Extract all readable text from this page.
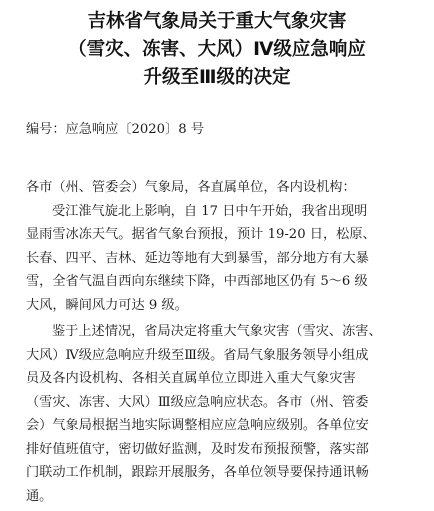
吉林省气象局关于重大气象灾害
（雪灾、冻害、大风）Ⅳ级应急响应
升级至Ⅲ级的决定
编号：应急响应〔2020〕8 号

各市（州、管委会）气象局，各直属单位，各内设机构：

受江淮气旋北上影响，自 17 日中午开始，我省出现明
显雨雪冰冻天气。据省气象台预报，预计 19-20 日，松原、
长春、四平、吉林、延边等地有大到暴雪，部分地方有大暴
雪，全省气温自西向东继续下降，中西部地区仍有 5～6 级
大风，瞬间风力可达 9 级。

鉴于上述情况，省局决定将重大气象灾害（雪灾、冻害、
大风）Ⅳ级应急响应升级至Ⅲ级。省局气象服务领导小组成
员及各内设机构、各相关直属单位立即进入重大气象灾害
（雪灾、冻害、大风）Ⅲ级应急响应状态。各市（州、管委
会）气象局根据当地实际调整相应应急响应级别。各单位安
排好值班值守，密切做好监测，及时发布预报预警，落实部
门联动工作机制，跟踪开展服务，各单位领导要保持通讯畅
通。
